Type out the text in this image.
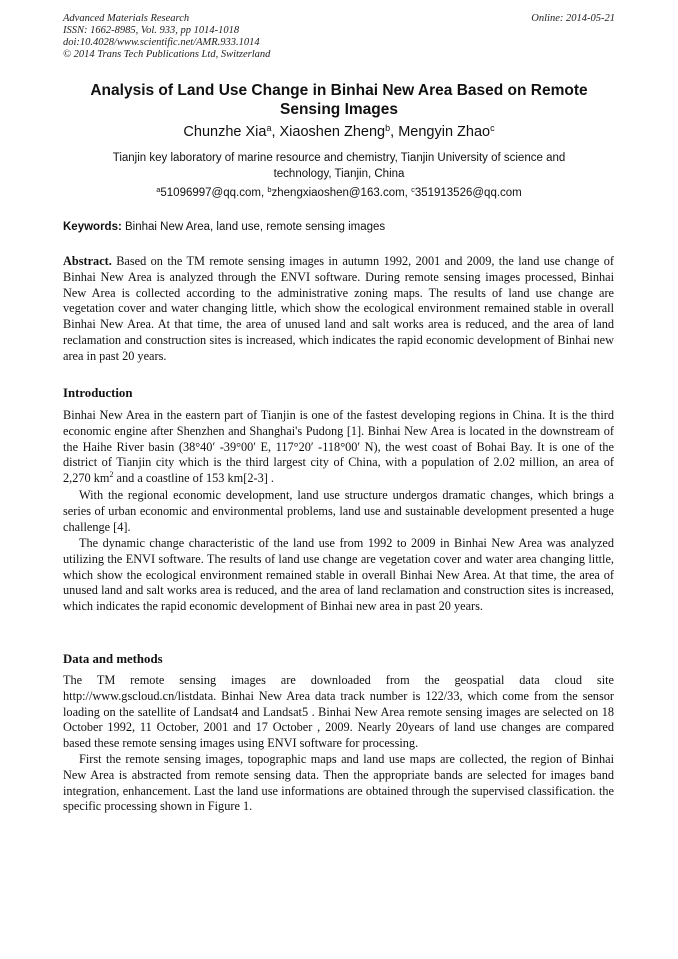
Advanced Materials Research
ISSN: 1662-8985, Vol. 933, pp 1014-1018
doi:10.4028/www.scientific.net/AMR.933.1014
© 2014 Trans Tech Publications Ltd, Switzerland
Online: 2014-05-21
Analysis of Land Use Change in Binhai New Area Based on Remote
Sensing Images
Chunzhe Xia$^a$, Xiaoshen Zheng$^b$, Mengyin Zhao$^c$
Tianjin key laboratory of marine resource and chemistry, Tianjin University of science and
technology, Tianjin, China
$^a$51096997@qq.com, $^b$zhengxiaoshen@163.com, $^c$351913526@qq.com
Keywords: Binhai New Area, land use, remote sensing images

Abstract. Based on the TM remote sensing images in autumn 1992, 2001 and 2009, the land use change of Binhai New Area is analyzed through the ENVI software. During remote sensing images processed, Binhai New Area is collected according to the administrative zoning maps. The results of land use change are vegetation cover and water changing little, which show the ecological environment remained stable in overall Binhai New Area. At that time, the area of unused land and salt works area is reduced, and the area of land reclamation and construction sites is increased, which indicates the rapid economic development of Binhai new area in past 20 years.

Introduction

Binhai New Area in the eastern part of Tianjin is one of the fastest developing regions in China. It is the third economic engine after Shenzhen and Shanghai's Pudong [1]. Binhai New Area is located in the downstream of the Haihe River basin (38°40′ -39°00′ E, 117°20′ -118°00′ N), the west coast of Bohai Bay. It is one of the district of Tianjin city which is the third largest city of China, with a population of 2.02 million, an area of 2,270 $km^2$ and a coastline of 153 km[2-3] .

With the regional economic development, land use structure undergos dramatic changes, which brings a series of urban economic and environmental problems, land use and sustainable development presented a huge challenge [4].

The dynamic change characteristic of the land use from 1992 to 2009 in Binhai New Area was analyzed utilizing the ENVI software. The results of land use change are vegetation cover and water area changing little, which show the ecological environment remained stable in overall Binhai New Area. At that time, the area of unused land and salt works area is reduced, and the area of land reclamation and construction sites is increased, which indicates the rapid economic development of Binhai new area in past 20 years.

Data and methods

The TM remote sensing images are downloaded from the geospatial data cloud site http://www.gscloud.cn/listdata. Binhai New Area data track number is 122/33, which come from the sensor loading on the satellite of Landsat4 and Landsat5 . Binhai New Area remote sensing images are selected on 18 October 1992, 11 October, 2001 and 17 October , 2009. Nearly 20years of land use changes are compared based these remote sensing images using ENVI software for processing.

First the remote sensing images, topographic maps and land use maps are collected, the region of Binhai New Area is abstracted from remote sensing data. Then the appropriate bands are selected for images band integration, enhancement. Last the land use informations are obtained through the supervised classification. the specific processing shown in Figure 1.
